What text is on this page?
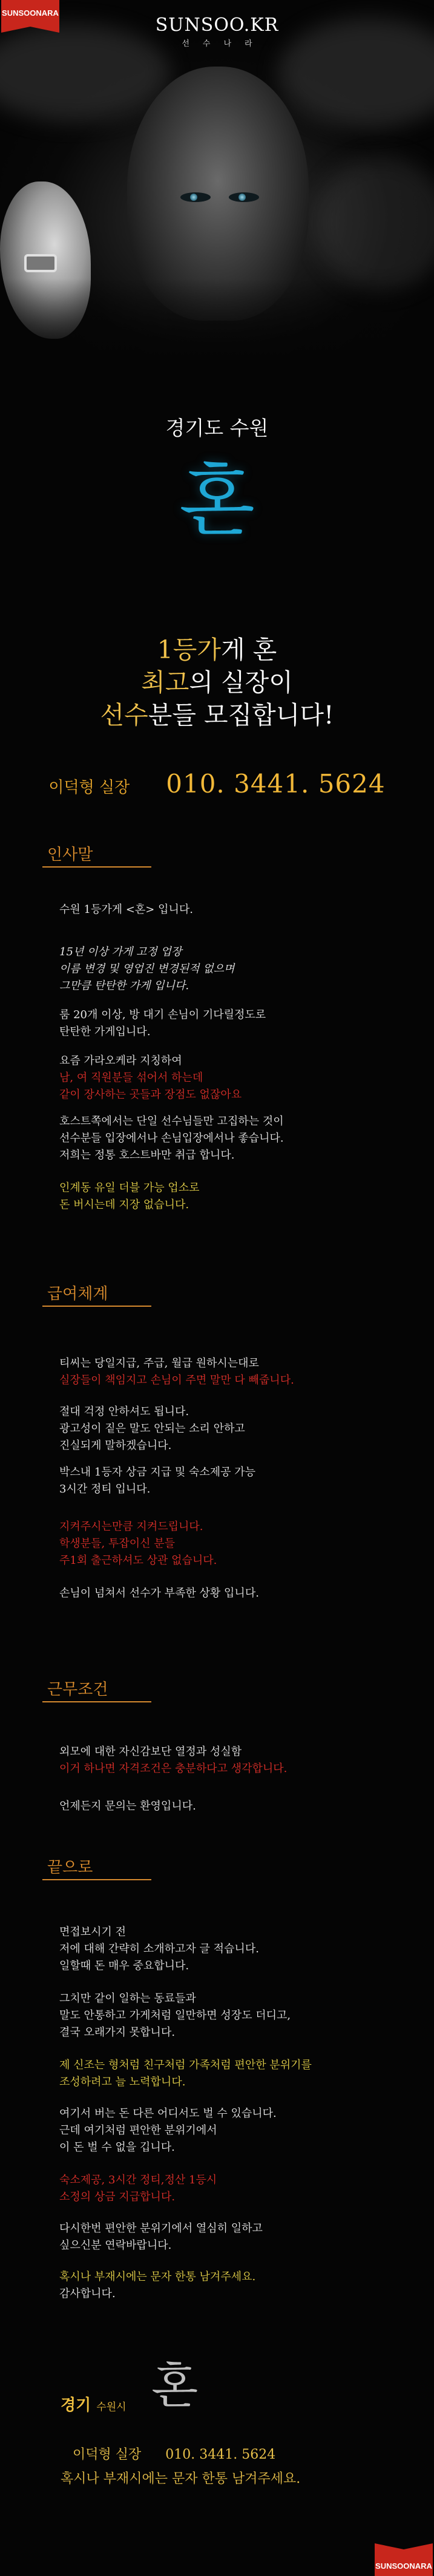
SUNSOO.KR
선수나라
SUNSOONARA
경기도 수원
혼
1등가게 혼
최고의 실장이
선수분들 모집합니다!
이덕형 실장 010. 3441. 5624
인사말

수원 1등가게 <혼> 입니다.

15년 이상 가게 고정 업장
이름 변경 및 영업진 변경된적 없으며
그만큼 탄탄한 가게 입니다.

룸 20개 이상, 방 대기 손님이 기다릴정도로
탄탄한 가게입니다.

요즘 가라오케라 지칭하여
남, 여 직원분들 섞어서 하는데
같이 장사하는 곳들과 장점도 없잖아요

호스트쪽에서는 단일 선수님들만 고집하는 것이
선수분들 입장에서나 손님입장에서나 좋습니다.
저희는 정통 호스트바만 취급 합니다.

인계동 유일 더블 가능 업소로
돈 버시는데 지장 없습니다.

급여체계

티씨는 당일지급, 주급, 월급 원하시는대로
실장들이 책임지고 손님이 주면 말만 다 빼줍니다.

절대 걱정 안하셔도 됩니다.
광고성이 짙은 말도 안되는 소리 안하고
진실되게 말하겠습니다.

박스내 1등자 상금 지급 및 숙소제공 가능
3시간 정티 입니다.

지켜주시는만큼 지켜드립니다.
학생분들, 투잡이신 분들
주1회 출근하셔도 상관 없습니다.

손님이 넘쳐서 선수가 부족한 상황 입니다.

근무조건

외모에 대한 자신감보단 열정과 성실함
이거 하나면 자격조건은 충분하다고 생각합니다.

언제든지 문의는 환영입니다.

끝으로

면접보시기 전
저에 대해 간략히 소개하고자 글 적습니다.
일할때 돈 매우 중요합니다.

그치만 같이 일하는 동료들과
말도 안통하고 가게처럼 일만하면 성장도 더디고,
결국 오래가지 못합니다.

제 신조는 형처럼 친구처럼 가족처럼 편안한 분위기를
조성하려고 늘 노력합니다.

여기서 버는 돈 다른 어디서도 벌 수 있습니다.
근데 여기처럼 편안한 분위기에서
이 돈 벌 수 없을 깁니다.

숙소제공, 3시간 정티,정산 1등시
소정의 상금 지급합니다.

다시한번 편안한 분위기에서 열심히 일하고
싶으신분 연락바랍니다.

혹시나 부재시에는 문자 한통 남겨주세요.
감사합니다.

혼
경기 수원시
이덕형 실장 010. 3441. 5624
혹시나 부재시에는 문자 한통 남겨주세요.
SUNSOONARA
